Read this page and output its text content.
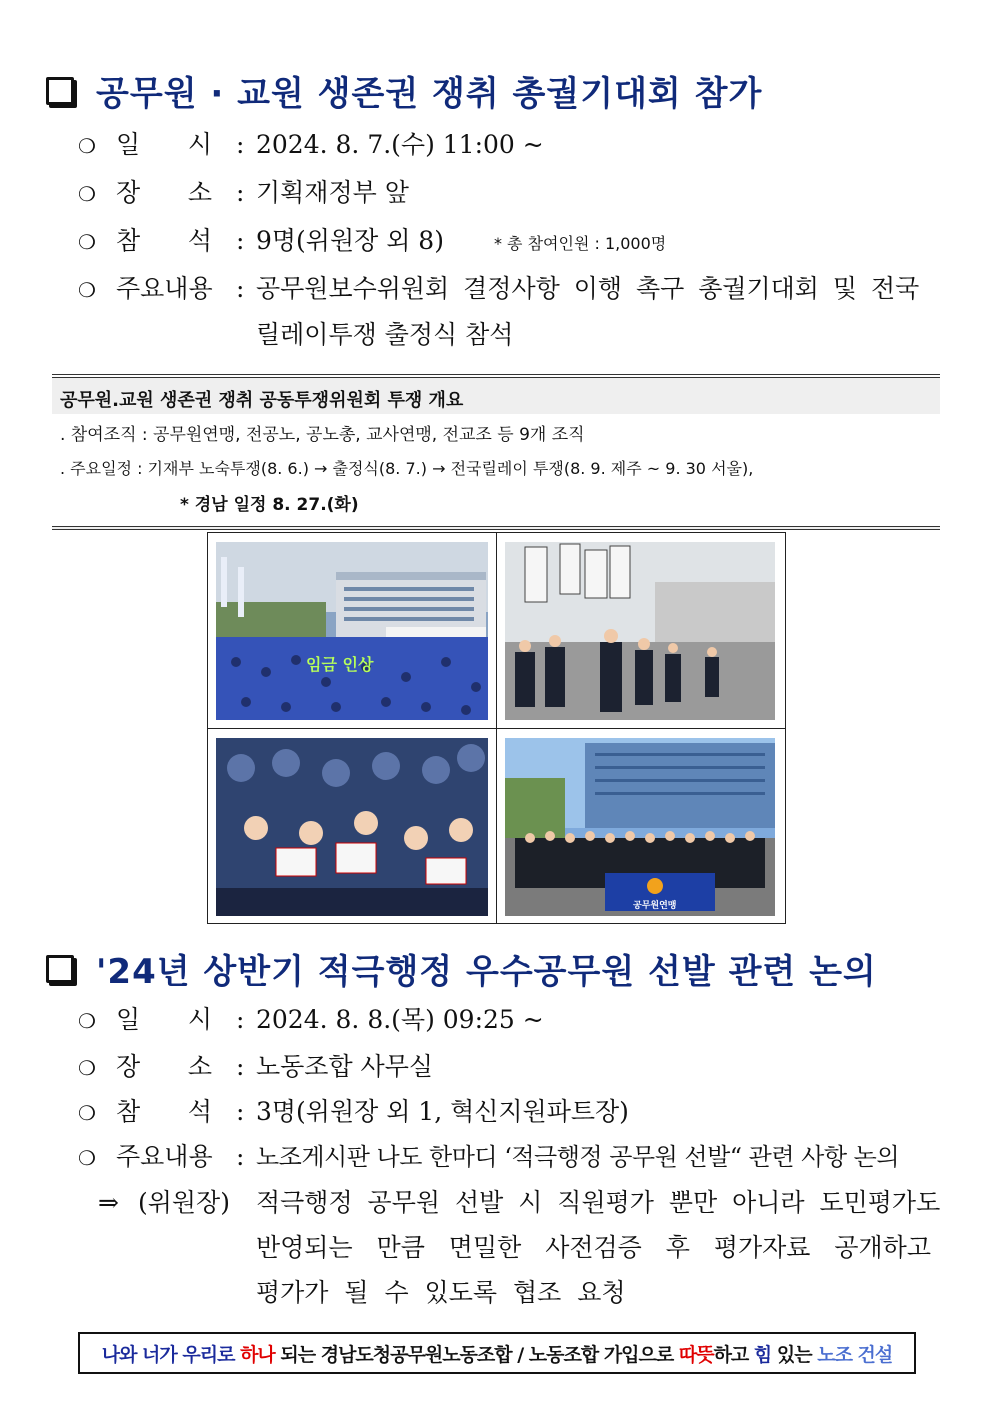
공무원 · 교원 생존권 쟁취 총궐기대회 참가
❍ 일      시 : 2024. 8. 7.(수) 11:00 ~
❍ 장      소 : 기획재정부 앞
❍ 참      석 : 9명(위원장 외 8)	* 총 참여인원 : 1,000명
❍ 주요내용 : 공무원보수위원회 결정사항 이행 촉구 총궐기대회 및 전국
릴레이투쟁 출정식 참석
공무원.교원 생존권 쟁취 공동투쟁위원회 투쟁 개요
. 참여조직 : 공무원연맹, 전공노, 공노총, 교사연맹, 전교조 등 9개 조직
. 주요일정 : 기재부 노숙투쟁(8. 6.) → 출정식(8. 7.) → 전국릴레이 투쟁(8. 9. 제주 ~ 9. 30 서울),
* 경남 일정 8. 27.(화)
임금 인상
공무원연맹
'24년 상반기 적극행정 우수공무원 선발 관련 논의
❍ 일      시 : 2024. 8. 8.(목) 09:25 ~
❍ 장      소 : 노동조합 사무실
❍ 참      석 : 3명(위원장 외 1, 혁신지원파트장)
❍ 주요내용 : 노조게시판 나도 한마디 ‘적극행정 공무원 선발“ 관련 사항 논의
⇒ (위원장) 적극행정 공무원 선발 시 직원평가 뿐만 아니라 도민평가도
반영되는 만큼 면밀한 사전검증 후 평가자료 공개하고
평가가 될 수 있도록 협조 요청
나와 너가 우리로 하나 되는 경남도청공무원노동조합 / 노동조합 가입으로 따뜻 하고 힘 있는 노조 건설
